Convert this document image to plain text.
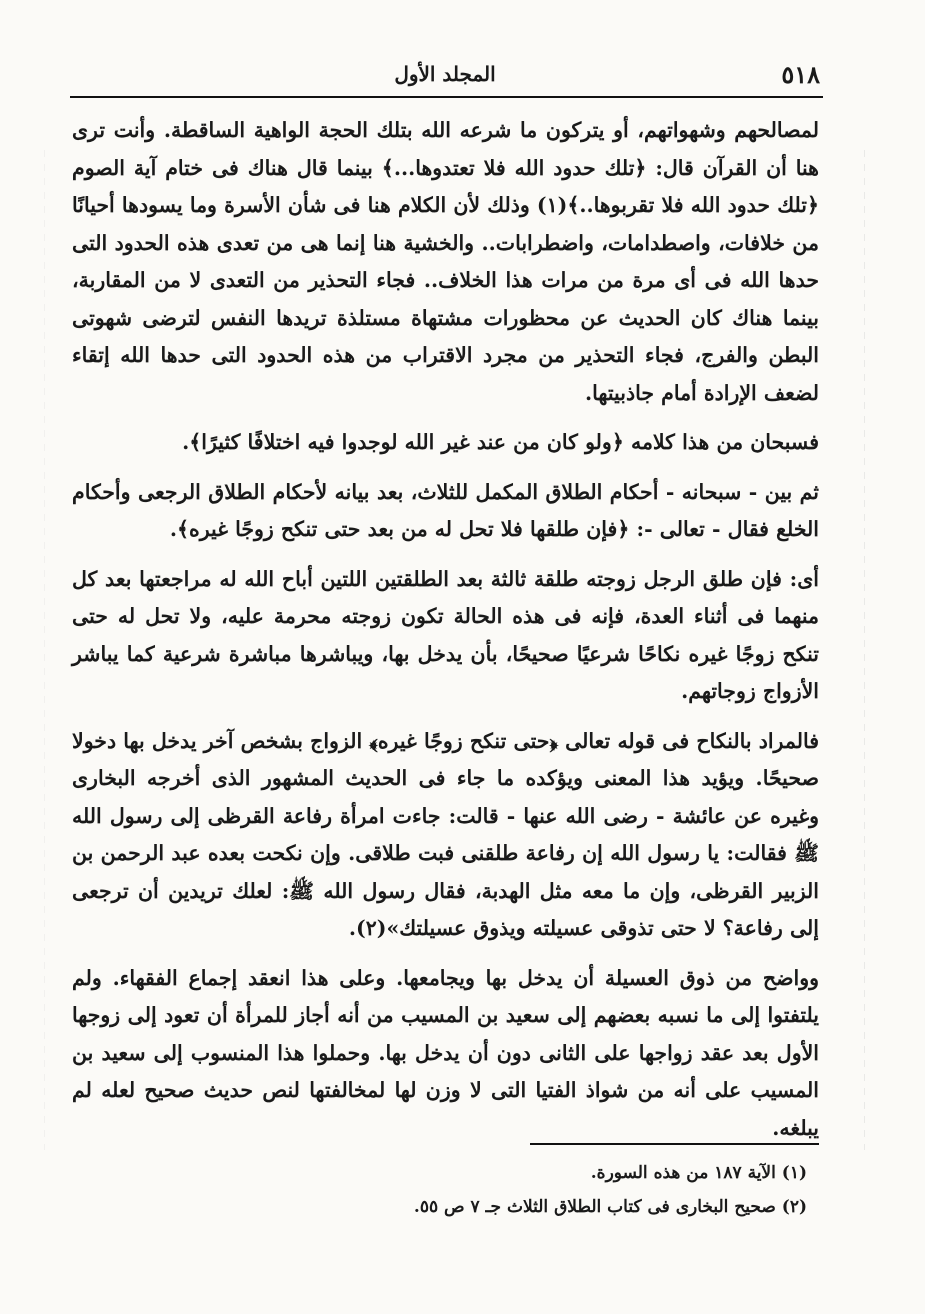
٥١٨
المجلد الأول

لمصالحهم وشهواتهم، أو يتركون ما شرعه الله بتلك الحجة الواهية الساقطة. وأنت ترى هنا أن القرآن قال: ﴿تلك حدود الله فلا تعتدوها...﴾ بينما قال هناك فى ختام آية الصوم ﴿تلك حدود الله فلا تقربوها..﴾(١) وذلك لأن الكلام هنا فى شأن الأسرة وما يسودها أحيانًا من خلافات، واصطدامات، واضطرابات.. والخشية هنا إنما هى من تعدى هذه الحدود التى حدها الله فى أى مرة من مرات هذا الخلاف.. فجاء التحذير من التعدى لا من المقاربة، بينما هناك كان الحديث عن محظورات مشتهاة مستلذة تريدها النفس لترضى شهوتى البطن والفرج، فجاء التحذير من مجرد الاقتراب من هذه الحدود التى حدها الله إتقاء لضعف الإرادة أمام جاذبيتها.

فسبحان من هذا كلامه ﴿ولو كان من عند غير الله لوجدوا فيه اختلافًا كثيرًا﴾.

ثم بين - سبحانه - أحكام الطلاق المكمل للثلاث، بعد بيانه لأحكام الطلاق الرجعى وأحكام الخلع فقال - تعالى -: ﴿فإن طلقها فلا تحل له من بعد حتى تنكح زوجًا غيره﴾.

أى: فإن طلق الرجل زوجته طلقة ثالثة بعد الطلقتين اللتين أباح الله له مراجعتها بعد كل منهما فى أثناء العدة، فإنه فى هذه الحالة تكون زوجته محرمة عليه، ولا تحل له حتى تنكح زوجًا غيره نكاحًا شرعيًا صحيحًا، بأن يدخل بها، ويباشرها مباشرة شرعية كما يباشر الأزواج زوجاتهم.

فالمراد بالنكاح فى قوله تعالى ﴿حتى تنكح زوجًا غيره﴾ الزواج بشخص آخر يدخل بها دخولا صحيحًا. ويؤيد هذا المعنى ويؤكده ما جاء فى الحديث المشهور الذى أخرجه البخارى وغيره عن عائشة - رضى الله عنها - قالت: جاءت امرأة رفاعة القرظى إلى رسول الله ﷺ فقالت: يا رسول الله إن رفاعة طلقنى فبت طلاقى. وإن نكحت بعده عبد الرحمن بن الزبير القرظى، وإن ما معه مثل الهدبة، فقال رسول الله ﷺ: لعلك تريدين أن ترجعى إلى رفاعة؟ لا حتى تذوقى عسيلته ويذوق عسيلتك»(٢).

وواضح من ذوق العسيلة أن يدخل بها ويجامعها. وعلى هذا انعقد إجماع الفقهاء. ولم يلتفتوا إلى ما نسبه بعضهم إلى سعيد بن المسيب من أنه أجاز للمرأة أن تعود إلى زوجها الأول بعد عقد زواجها على الثانى دون أن يدخل بها. وحملوا هذا المنسوب إلى سعيد بن المسيب على أنه من شواذ الفتيا التى لا وزن لها لمخالفتها لنص حديث صحيح لعله لم يبلغه.

(١) الآية ١٨٧ من هذه السورة.

(٢) صحيح البخارى فى كتاب الطلاق الثلاث جـ ٧ ص ٥٥.
